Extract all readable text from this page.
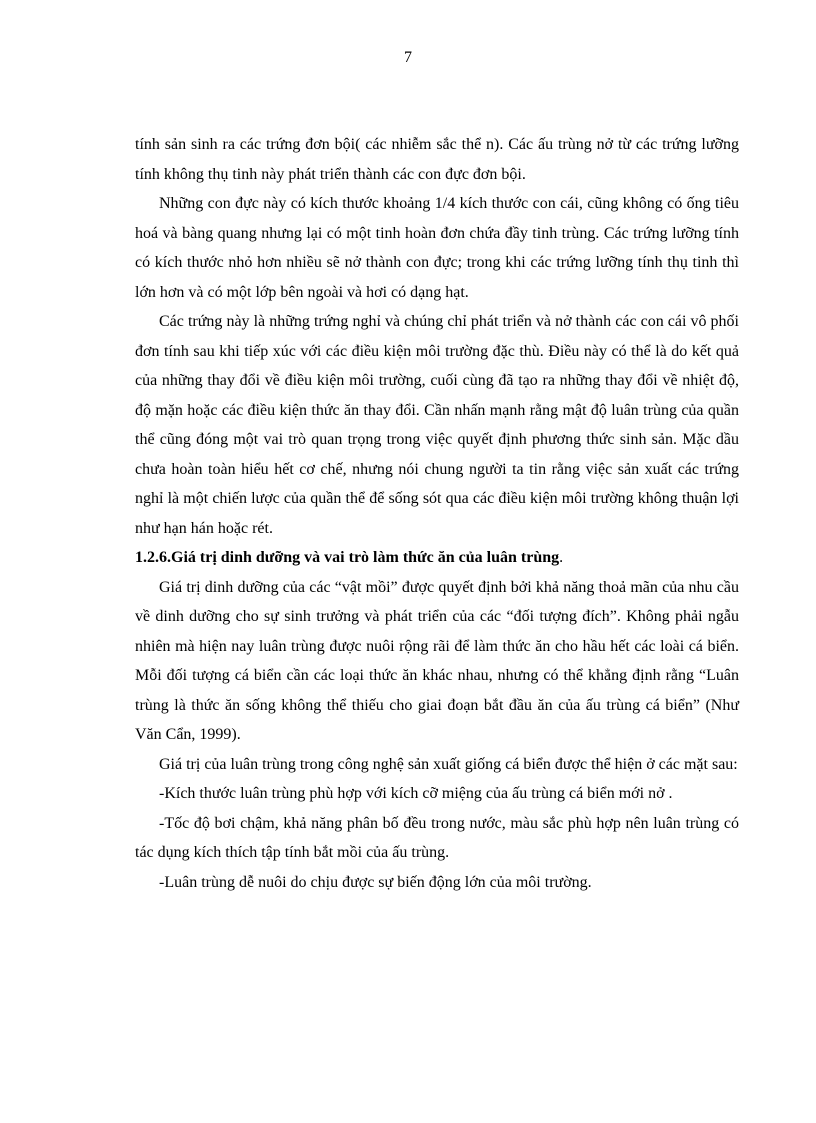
7

tính sản sinh ra các trứng đơn bội( các nhiễm sắc thể n). Các ấu trùng nở từ các trứng lưỡng tính không thụ tinh này phát triển thành các con đực đơn bội.

Những con đực này có kích thước khoảng 1/4 kích thước con cái, cũng không có ống tiêu hoá và bàng quang nhưng lại có một tinh hoàn đơn chứa đầy tinh trùng. Các trứng lưỡng tính có kích thước nhỏ hơn nhiều sẽ nở thành con đực; trong khi các trứng lưỡng tính thụ tinh thì lớn hơn và có một lớp bên ngoài và hơi có dạng hạt.

Các trứng này là những trứng nghỉ và chúng chỉ phát triển và nở thành các con cái vô phối đơn tính sau khi tiếp xúc với các điều kiện môi trường đặc thù. Điều này có thể là do kết quả của những thay đổi về điều kiện môi trường, cuối cùng đã tạo ra những thay đổi về nhiệt độ, độ mặn hoặc các điều kiện thức ăn thay đổi. Cần nhấn mạnh rằng mật độ luân trùng của quần thể cũng đóng một vai trò quan trọng trong việc quyết định phương thức sinh sản. Mặc dầu chưa hoàn toàn hiểu hết cơ chế, nhưng nói chung người ta tin rằng việc sản xuất các trứng nghỉ là một chiến lược của quần thể để sống sót qua các điều kiện môi trường không thuận lợi như hạn hán hoặc rét.

1.2.6.Giá trị dinh dưỡng và vai trò làm thức ăn của luân trùng.

Giá trị dinh dưỡng của các “vật mồi” được quyết định bởi khả năng thoả mãn của nhu cầu về dinh dưỡng cho sự sinh trưởng và phát triển của các “đối tượng đích”. Không phải ngẫu nhiên mà hiện nay luân trùng được nuôi rộng rãi để làm thức ăn cho hầu hết các loài cá biển. Mỗi đối tượng cá biển cần các loại thức ăn khác nhau, nhưng có thể khẳng định rằng “Luân trùng là thức ăn sống không thể thiếu cho giai đoạn bắt đầu ăn của ấu trùng cá biển” (Như Văn Cẩn, 1999).

Giá trị của luân trùng trong công nghệ sản xuất giống cá biển được thể hiện ở các mặt sau:

-Kích thước luân trùng phù hợp với kích cỡ miệng của ấu trùng cá biển mới nở .

-Tốc độ bơi chậm, khả năng phân bố đều trong nước, màu sắc phù hợp nên luân trùng có tác dụng kích thích tập tính bắt mồi của ấu trùng.

-Luân trùng dễ nuôi do chịu được sự biến động lớn của môi trường.
